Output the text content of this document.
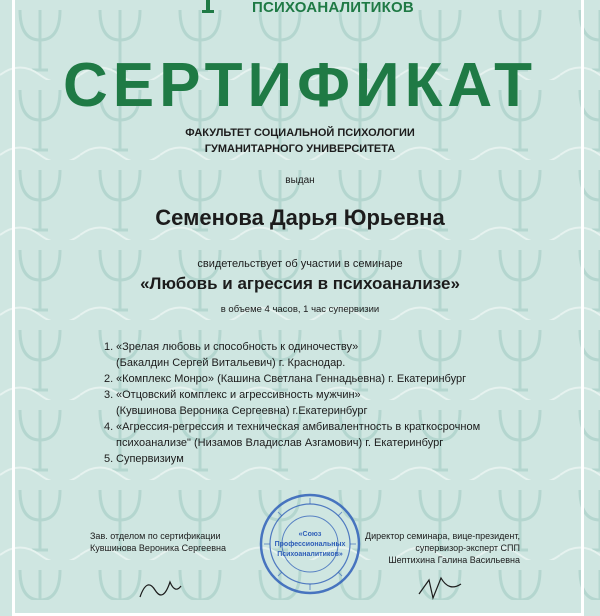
ПСИХОАНАЛИТИКОВ
СЕРТИФИКАТ
ФАКУЛЬТЕТ СОЦИАЛЬНОЙ ПСИХОЛОГИИ
ГУМАНИТАРНОГО УНИВЕРСИТЕТА
выдан
Семенова Дарья Юрьевна
свидетельствует об участии в семинаре
«Любовь и агрессия в психоанализе»
в объеме 4 часов, 1 час супервизии
1. «Зрелая любовь и способность к одиночеству»
(Бакалдин Сергей Витальевич) г. Краснодар.
2. «Комплекс Монро» (Кашина Светлана Геннадьевна) г. Екатеринбург
3. «Отцовский комплекс и агрессивность мужчин»
(Кувшинова Вероника Сергеевна) г.Екатеринбург
4. «Агрессия-регрессия и техническая амбивалентность в краткосрочном
психоанализе" (Низамов Владислав Азгамович) г. Екатеринбург
5. Супервизиум
Зав. отделом по сертификации
Кувшинова Вероника Сергеевна
Директор семинара, вице-президент,
супервизор-эксперт СПП
Шептихина Галина Васильевна
«Союз
Профессиональных
Психоаналитиков»
